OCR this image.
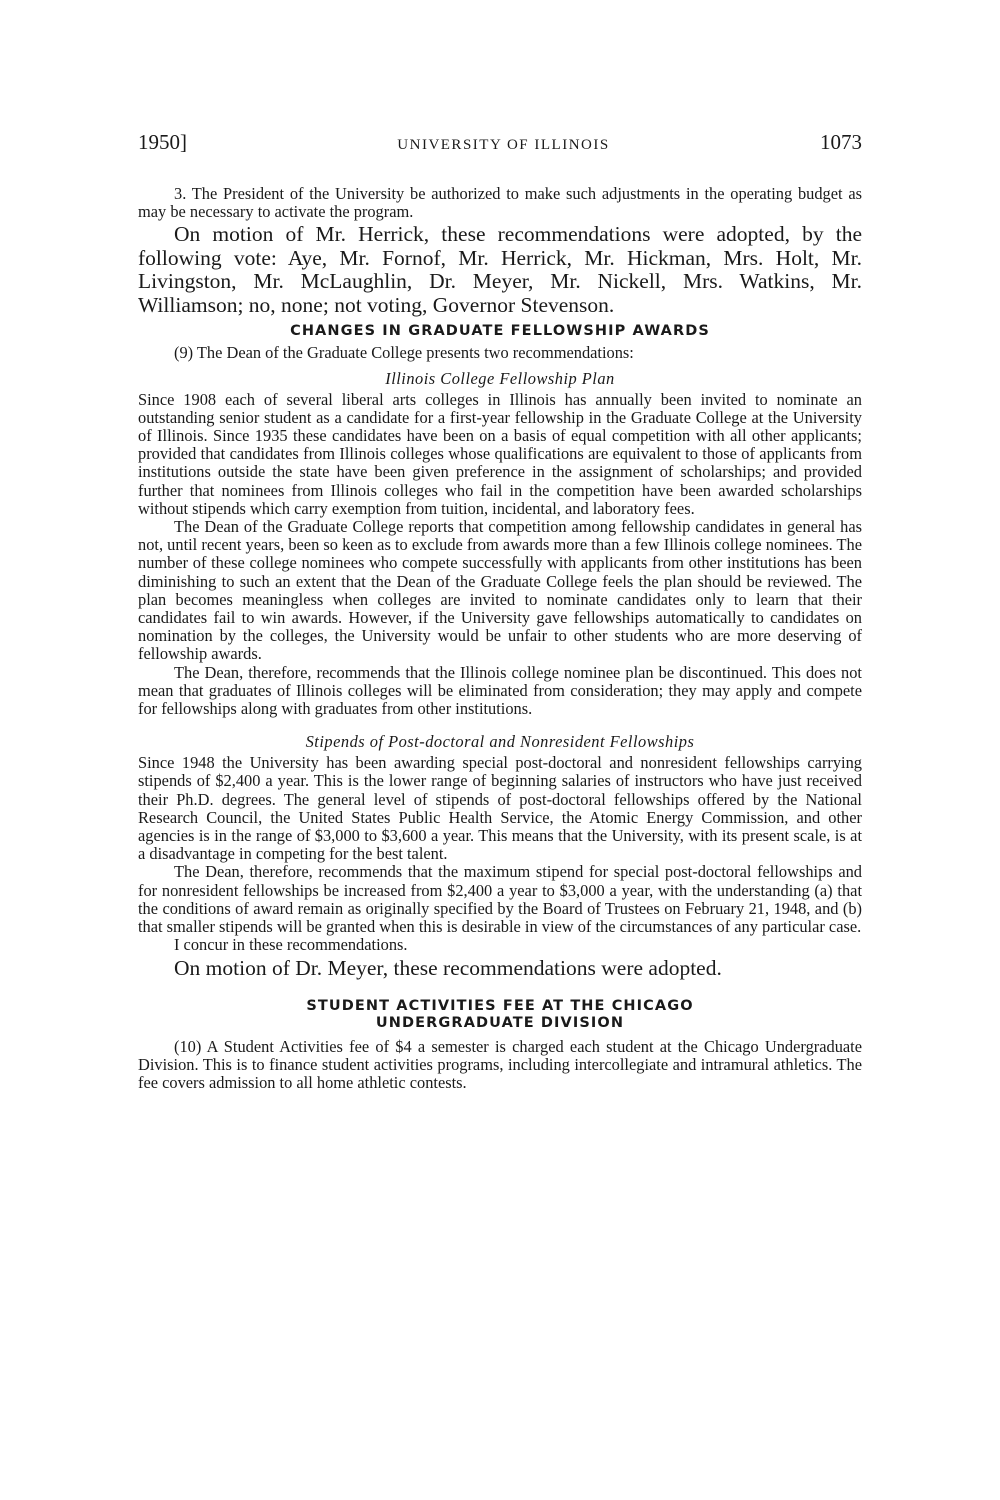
1950]	UNIVERSITY OF ILLINOIS	1073

3. The President of the University be authorized to make such adjustments in the operating budget as may be necessary to activate the program.

On motion of Mr. Herrick, these recommendations were adopted, by the following vote: Aye, Mr. Fornof, Mr. Herrick, Mr. Hickman, Mrs. Holt, Mr. Livingston, Mr. McLaughlin, Dr. Meyer, Mr. Nickell, Mrs. Watkins, Mr. Williamson; no, none; not voting, Governor Stevenson.

CHANGES IN GRADUATE FELLOWSHIP AWARDS

(9) The Dean of the Graduate College presents two recommendations:

Illinois College Fellowship Plan

Since 1908 each of several liberal arts colleges in Illinois has annually been invited to nominate an outstanding senior student as a candidate for a first-year fellowship in the Graduate College at the University of Illinois. Since 1935 these candidates have been on a basis of equal competition with all other applicants; provided that candidates from Illinois colleges whose qualifications are equivalent to those of applicants from institutions outside the state have been given preference in the assignment of scholarships; and provided further that nominees from Illinois colleges who fail in the competition have been awarded scholarships without stipends which carry exemption from tuition, incidental, and laboratory fees.

The Dean of the Graduate College reports that competition among fellowship candidates in general has not, until recent years, been so keen as to exclude from awards more than a few Illinois college nominees. The number of these college nominees who compete successfully with applicants from other institutions has been diminishing to such an extent that the Dean of the Graduate College feels the plan should be reviewed. The plan becomes meaningless when colleges are invited to nominate candidates only to learn that their candidates fail to win awards. However, if the University gave fellowships automatically to candidates on nomination by the colleges, the University would be unfair to other students who are more deserving of fellowship awards.

The Dean, therefore, recommends that the Illinois college nominee plan be discontinued. This does not mean that graduates of Illinois colleges will be eliminated from consideration; they may apply and compete for fellowships along with graduates from other institutions.

Stipends of Post-doctoral and Nonresident Fellowships

Since 1948 the University has been awarding special post-doctoral and nonresident fellowships carrying stipends of $2,400 a year. This is the lower range of beginning salaries of instructors who have just received their Ph.D. degrees. The general level of stipends of post-doctoral fellowships offered by the National Research Council, the United States Public Health Service, the Atomic Energy Commission, and other agencies is in the range of $3,000 to $3,600 a year. This means that the University, with its present scale, is at a disadvantage in competing for the best talent.

The Dean, therefore, recommends that the maximum stipend for special post-doctoral fellowships and for nonresident fellowships be increased from $2,400 a year to $3,000 a year, with the understanding (a) that the conditions of award remain as originally specified by the Board of Trustees on February 21, 1948, and (b) that smaller stipends will be granted when this is desirable in view of the circumstances of any particular case.

I concur in these recommendations.

On motion of Dr. Meyer, these recommendations were adopted.

STUDENT ACTIVITIES FEE AT THE CHICAGO
UNDERGRADUATE DIVISION

(10) A Student Activities fee of $4 a semester is charged each student at the Chicago Undergraduate Division. This is to finance student activities programs, including intercollegiate and intramural athletics. The fee covers admission to all home athletic contests.
